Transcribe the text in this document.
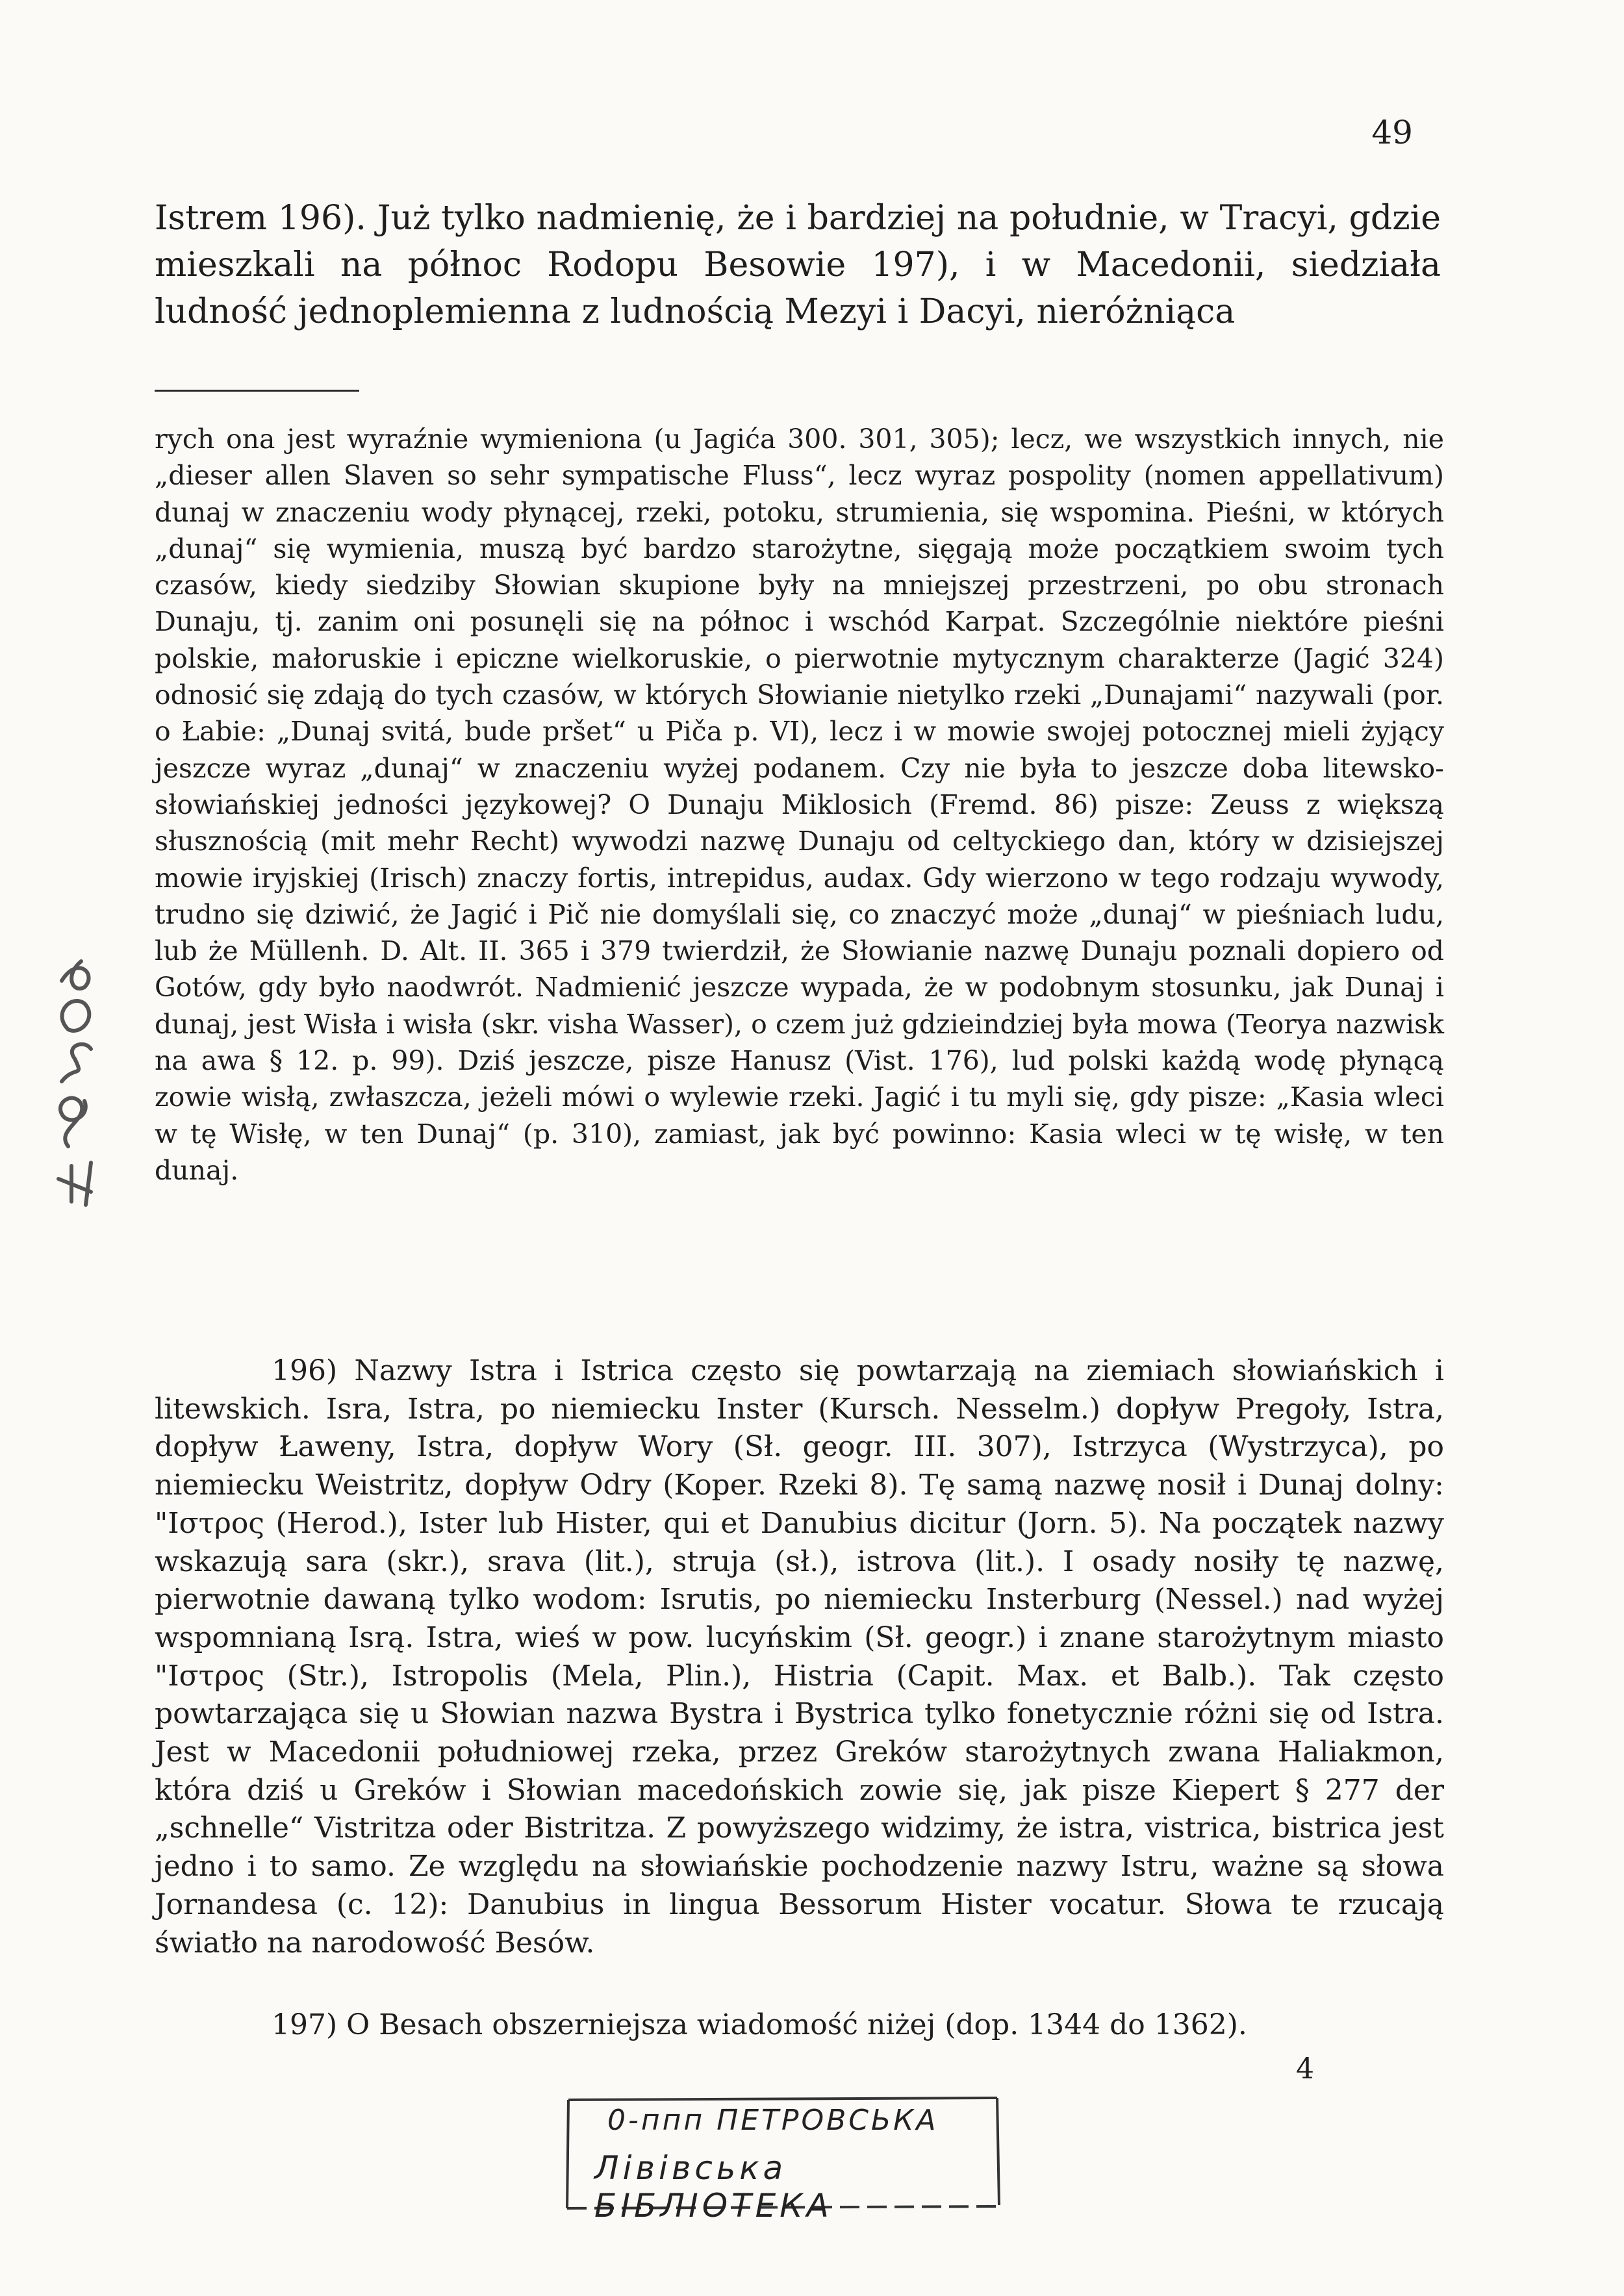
49
Istrem 196). Już tylko nadmienię, że i bardziej na południe, w Tracyi, gdzie mieszkali na północ Rodopu Besowie 197), i w Macedonii, siedziała ludność jednoplemienna z ludnością Mezyi i Dacyi, nieróżniąca
rych ona jest wyraźnie wymieniona (u Jagića 300. 301, 305); lecz, we wszystkich innych, nie „dieser allen Slaven so sehr sympatische Fluss“, lecz wyraz pospolity (nomen appellativum) dunaj w znaczeniu wody płynącej, rzeki, potoku, strumienia, się wspomina. Pieśni, w których „dunaj“ się wymienia, muszą być bardzo starożytne, sięgają może początkiem swoim tych czasów, kiedy siedziby Słowian skupione były na mniejszej przestrzeni, po obu stronach Dunaju, tj. zanim oni posunęli się na północ i wschód Karpat. Szczególnie niektóre pieśni polskie, małoruskie i epiczne wielkoruskie, o pierwotnie mytycznym charakterze (Jagić 324) odnosić się zdają do tych czasów, w których Słowianie nietylko rzeki „Dunajami“ nazywali (por. o Łabie: „Dunaj svitá, bude pršet“ u Piča p. VI), lecz i w mowie swojej potocznej mieli żyjący jeszcze wyraz „dunaj“ w znaczeniu wyżej podanem. Czy nie była to jeszcze doba litewsko-słowiańskiej jedności językowej? O Dunaju Miklosich (Fremd. 86) pisze: Zeuss z większą słusznością (mit mehr Recht) wywodzi nazwę Dunaju od celtyckiego dan, który w dzisiejszej mowie iryjskiej (Irisch) znaczy fortis, intrepidus, audax. Gdy wierzono w tego rodzaju wywody, trudno się dziwić, że Jagić i Pič nie domyślali się, co znaczyć może „dunaj“ w pieśniach ludu, lub że Müllenh. D. Alt. II. 365 i 379 twierdził, że Słowianie nazwę Dunaju poznali dopiero od Gotów, gdy było naodwrót. Nadmienić jeszcze wypada, że w podobnym stosunku, jak Dunaj i dunaj, jest Wisła i wisła (skr. visha Wasser), o czem już gdzieindziej była mowa (Teorya nazwisk na awa § 12. p. 99). Dziś jeszcze, pisze Hanusz (Vist. 176), lud polski każdą wodę płynącą zowie wisłą, zwłaszcza, jeżeli mówi o wylewie rzeki. Jagić i tu myli się, gdy pisze: „Kasia wleci w tę Wisłę, w ten Dunaj“ (p. 310), zamiast, jak być powinno: Kasia wleci w tę wisłę, w ten dunaj.

196) Nazwy Istra i Istrica często się powtarzają na ziemiach słowiańskich i litewskich. Isra, Istra, po niemiecku Inster (Kursch. Nesselm.) dopływ Pregoły, Istra, dopływ Ławeny, Istra, dopływ Wory (Sł. geogr. III. 307), Istrzyca (Wystrzyca), po niemiecku Weistritz, dopływ Odry (Koper. Rzeki 8). Tę samą nazwę nosił i Dunaj dolny: "Ιστρος (Herod.), Ister lub Hister, qui et Danubius dicitur (Jorn. 5). Na początek nazwy wskazują sara (skr.), srava (lit.), struja (sł.), istrova (lit.). I osady nosiły tę nazwę, pierwotnie dawaną tylko wodom: Isrutis, po niemiecku Insterburg (Nessel.) nad wyżej wspomnianą Isrą. Istra, wieś w pow. lucyńskim (Sł. geogr.) i znane starożytnym miasto "Ιστρος (Str.), Istropolis (Mela, Plin.), Histria (Capit. Max. et Balb.). Tak często powtarzająca się u Słowian nazwa Bystra i Bystrica tylko fonetycznie różni się od Istra. Jest w Macedonii południowej rzeka, przez Greków starożytnych zwana Haliakmon, która dziś u Greków i Słowian macedońskich zowie się, jak pisze Kiepert § 277 der „schnelle“ Vistritza oder Bistritza. Z powyższego widzimy, że istra, vistrica, bistrica jest jedno i to samo. Ze względu na słowiańskie pochodzenie nazwy Istru, ważne są słowa Jornandesa (c. 12): Danubius in lingua Bessorum Hister vocatur. Słowa te rzucają światło na narodowość Besów.

197) O Besach obszerniejsza wiadomość niżej (dop. 1344 do 1362).
4
0-ппп ПЕТРОВСЬКА
Лiвiвська БIБЛIОТЕКА
